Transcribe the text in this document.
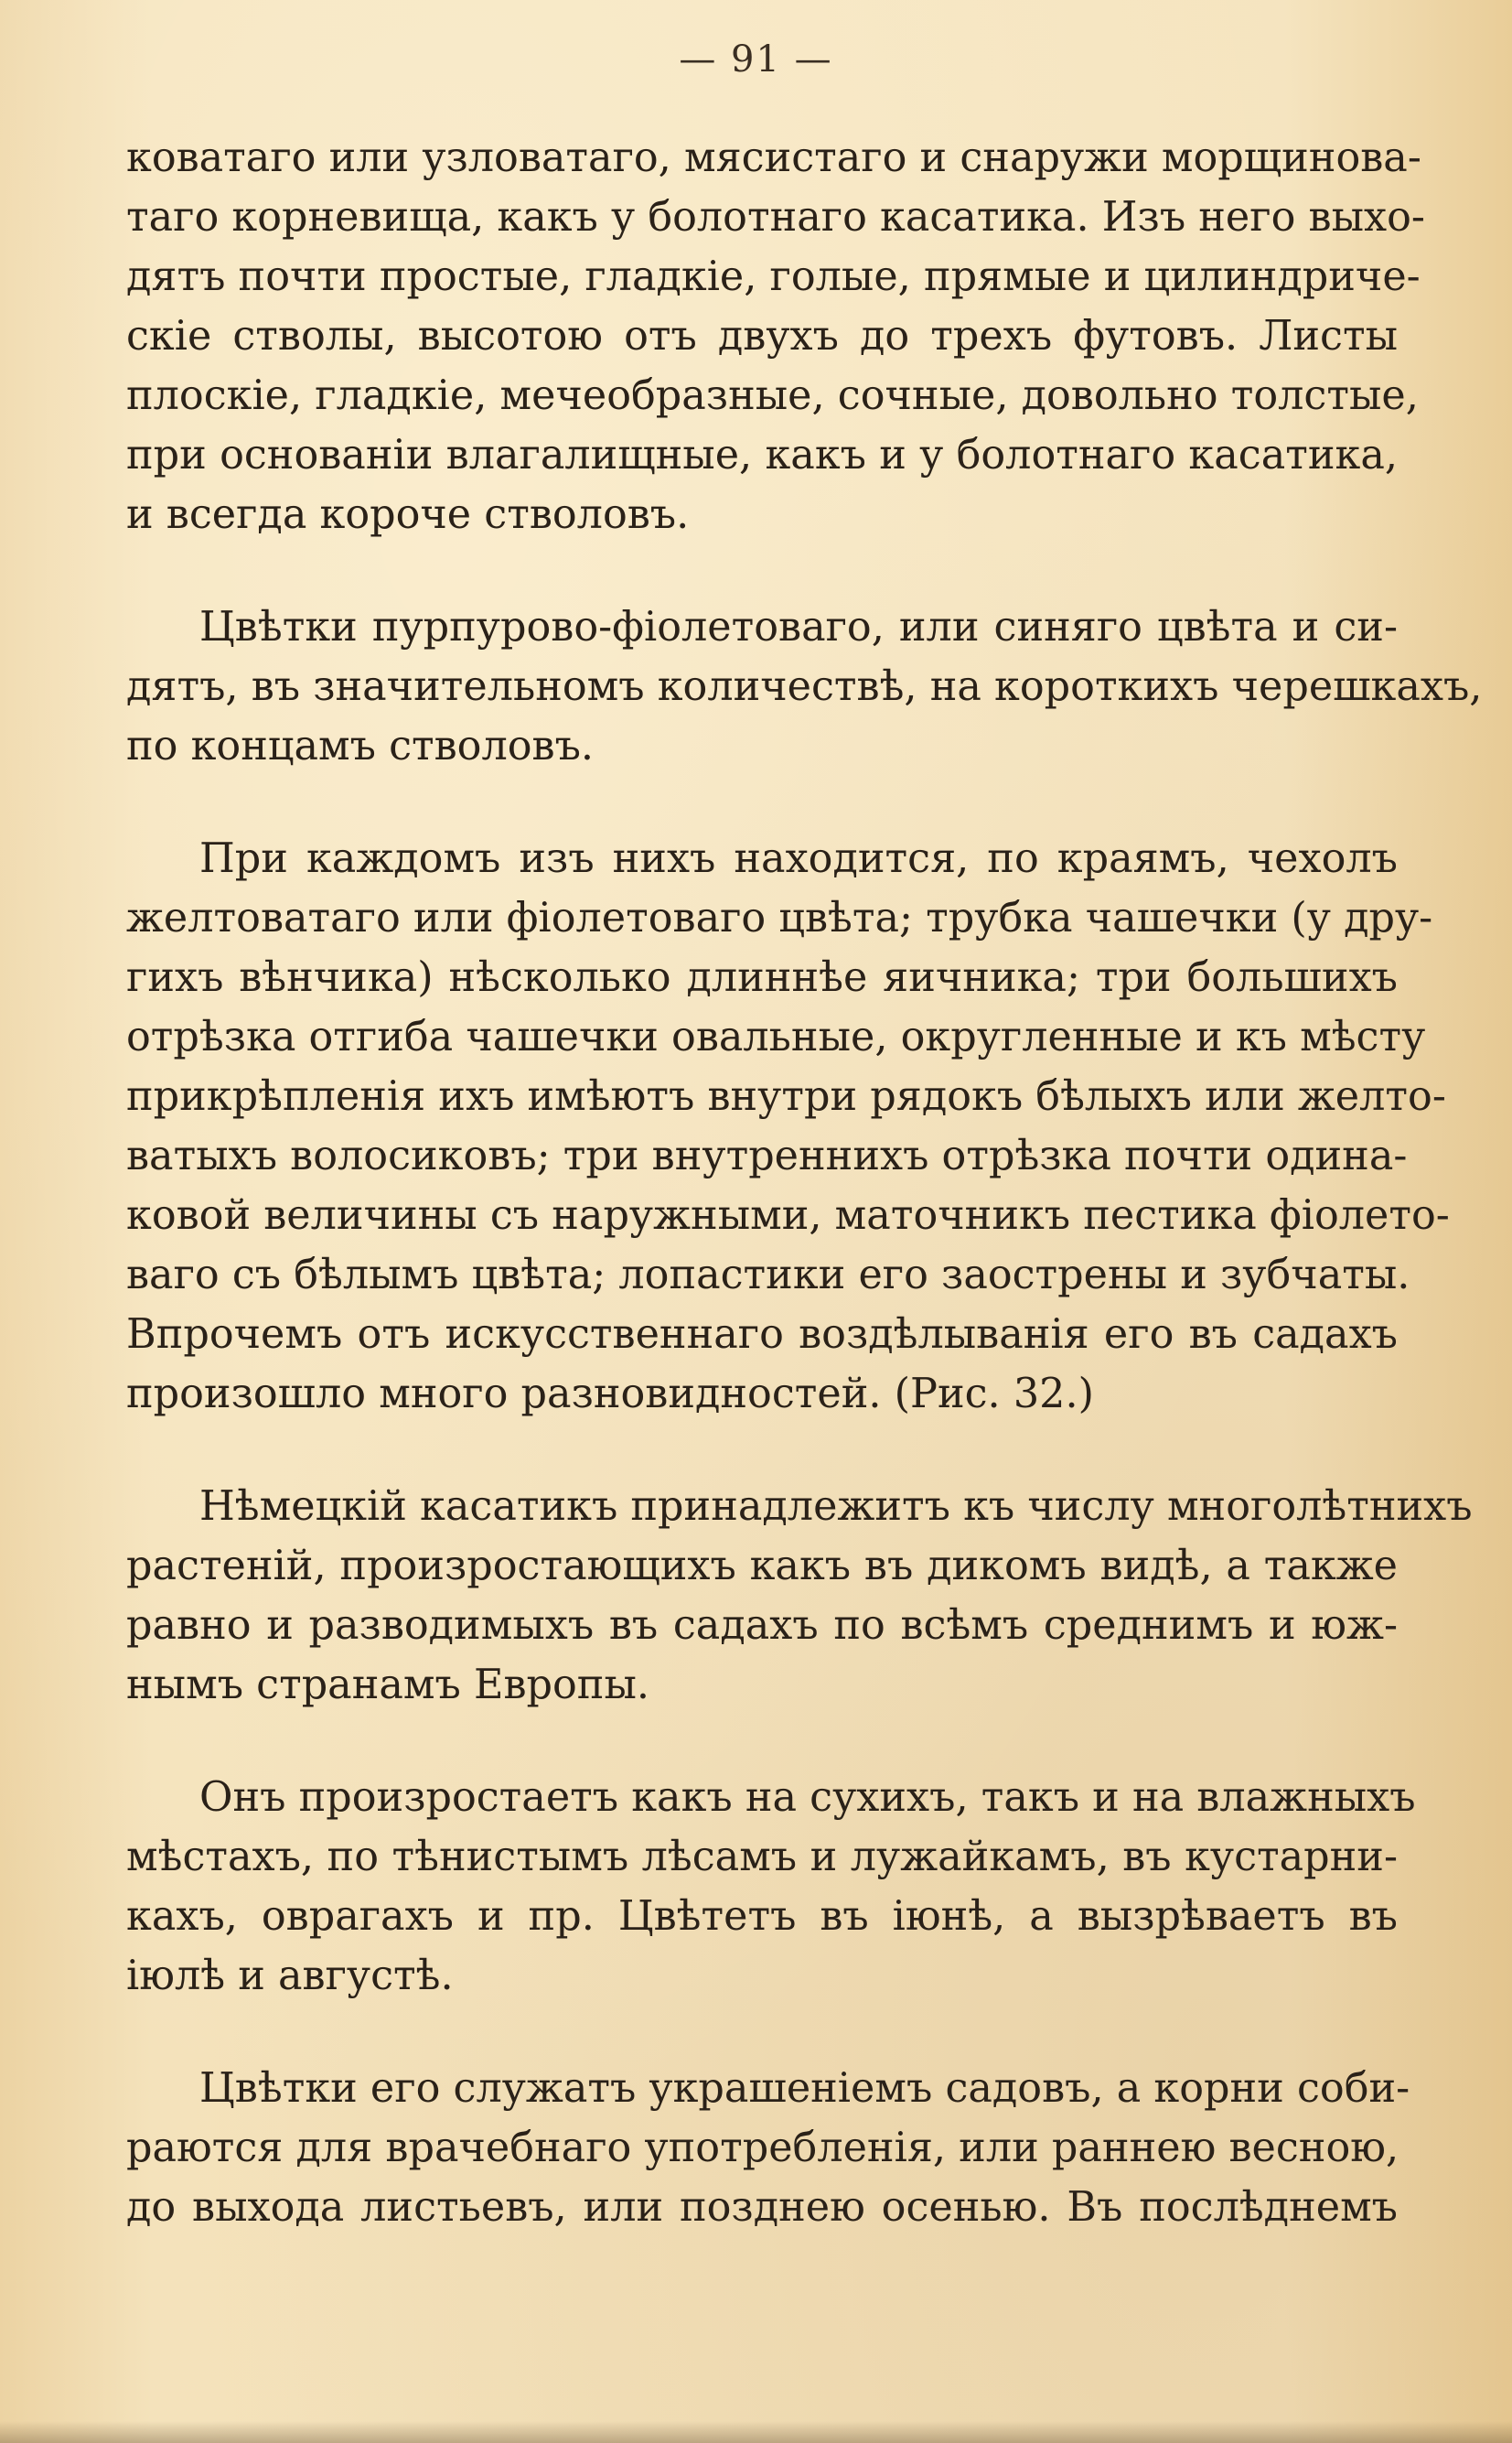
— 91 —

коватаго или узловатаго, мясистаго и снаружи морщинова-
таго корневища, какъ у болотнаго касатика. Изъ него выхо-
дятъ почти простые, гладкіе, голые, прямые и цилиндриче-
скіе стволы, высотою отъ двухъ до трехъ футовъ. Листы
плоскіе, гладкіе, мечеобразные, сочные, довольно толстые,
при основаніи влагалищные, какъ и у болотнаго касатика,
и всегда короче стволовъ.

Цвѣтки пурпурово-фіолетоваго, или синяго цвѣта и си-
дятъ, въ значительномъ количествѣ, на короткихъ черешкахъ,
по концамъ стволовъ.

При каждомъ изъ нихъ находится, по краямъ, чехолъ
желтоватаго или фіолетоваго цвѣта; трубка чашечки (у дру-
гихъ вѣнчика) нѣсколько длиннѣе яичника; три большихъ
отрѣзка отгиба чашечки овальные, округленные и къ мѣсту
прикрѣпленія ихъ имѣютъ внутри рядокъ бѣлыхъ или желто-
ватыхъ волосиковъ; три внутреннихъ отрѣзка почти одина-
ковой величины съ наружными, маточникъ пестика фіолето-
ваго съ бѣлымъ цвѣта; лопастики его заострены и зубчаты.
Впрочемъ отъ искусственнаго воздѣлыванія его въ садахъ
произошло много разновидностей. (Рис. 32.)

Нѣмецкій касатикъ принадлежитъ къ числу многолѣтнихъ
растеній, произростающихъ какъ въ дикомъ видѣ, а также
равно и разводимыхъ въ садахъ по всѣмъ среднимъ и юж-
нымъ странамъ Европы.

Онъ произростаетъ какъ на сухихъ, такъ и на влажныхъ
мѣстахъ, по тѣнистымъ лѣсамъ и лужайкамъ, въ кустарни-
кахъ, оврагахъ и пр. Цвѣтетъ въ іюнѣ, а вызрѣваетъ въ
іюлѣ и августѣ.

Цвѣтки его служатъ украшеніемъ садовъ, а корни соби-
раются для врачебнаго употребленія, или раннею весною,
до выхода листьевъ, или позднею осенью. Въ послѣднемъ
